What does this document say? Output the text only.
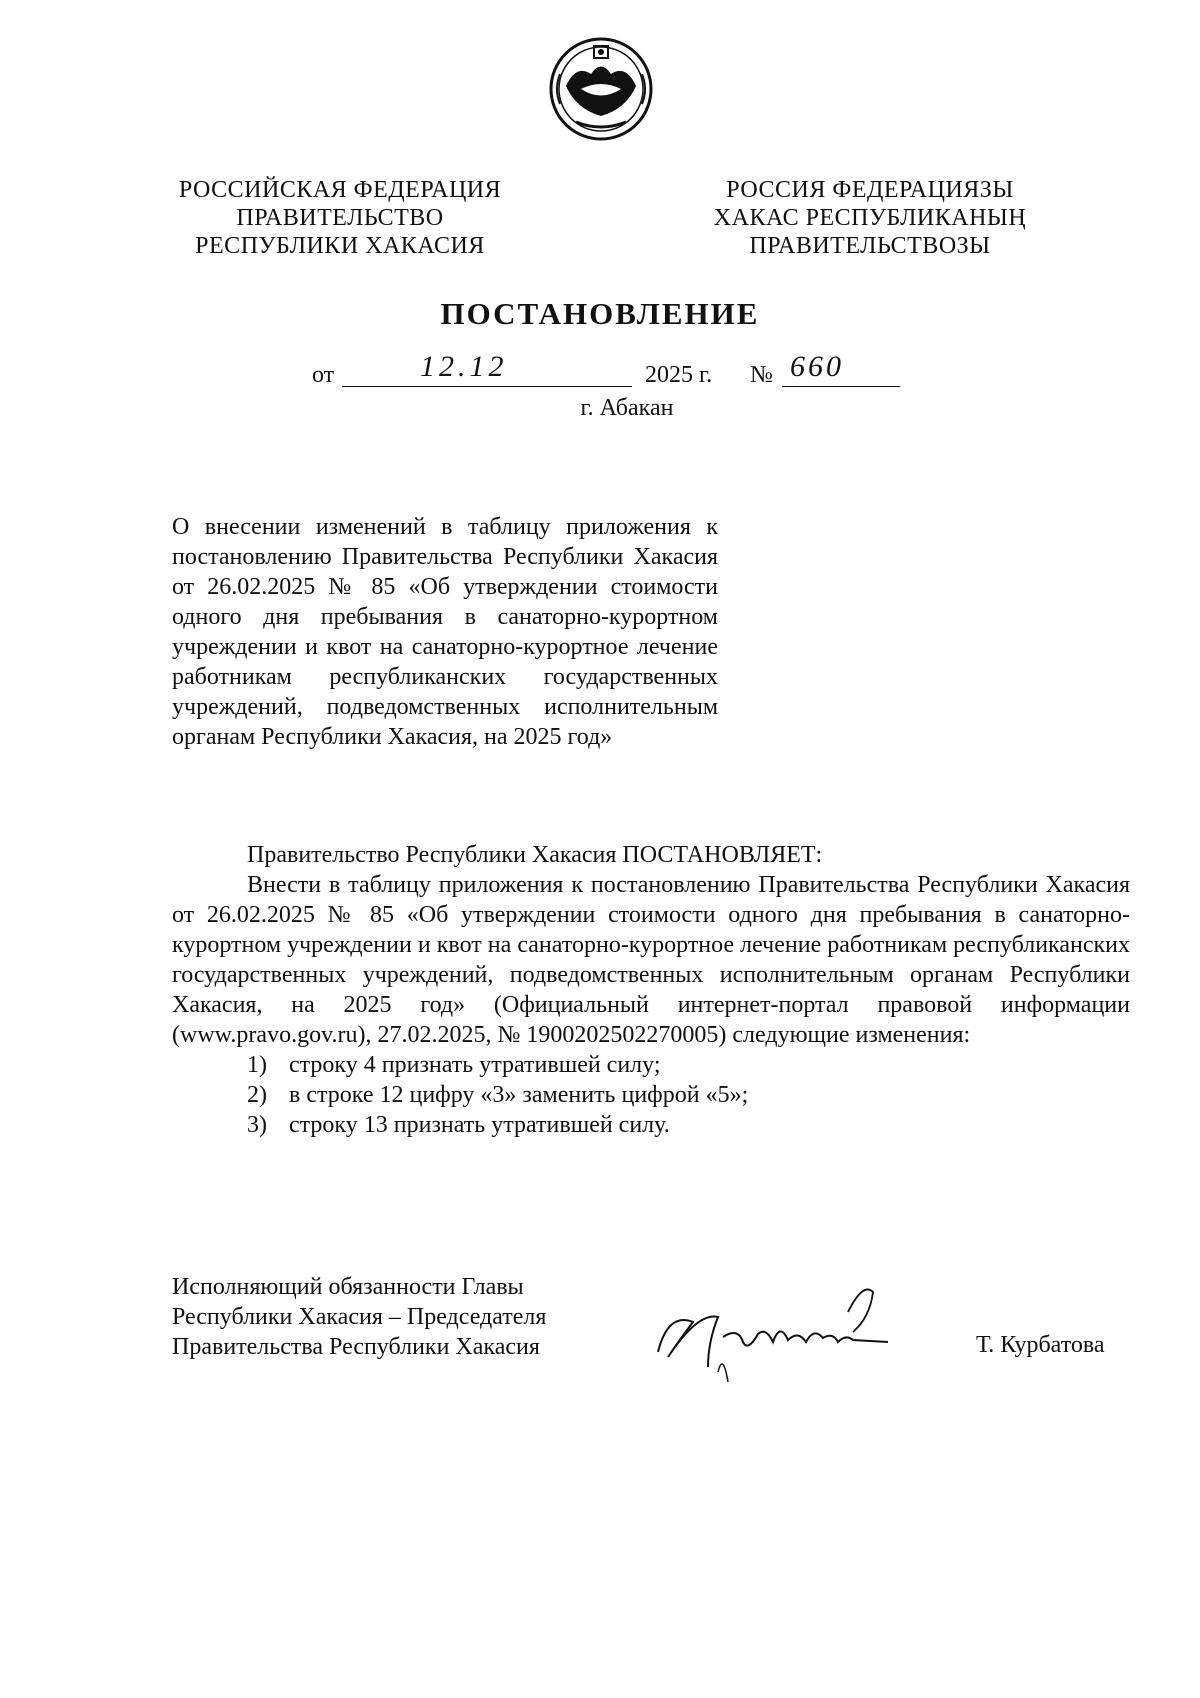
РОССИЙСКАЯ ФЕДЕРАЦИЯ
ПРАВИТЕЛЬСТВО
РЕСПУБЛИКИ ХАКАСИЯ
РОССИЯ ФЕДЕРАЦИЯЗЫ
ХАКАС РЕСПУБЛИКАНЫҢ
ПРАВИТЕЛЬСТВОЗЫ
ПОСТАНОВЛЕНИЕ
от	12.12	2025 г. № 660
г. Абакан

О внесении изменений в таблицу приложения к постановлению Правительства Республики Хакасия от 26.02.2025 № 85 «Об утверждении стоимости одного дня пребывания в санаторно-курортном учреждении и квот на санаторно-курортное лечение работникам республиканских государственных учреждений, подведомственных исполнительным органам Республики Хакасия, на 2025 год»

Правительство Республики Хакасия ПОСТАНОВЛЯЕТ:

Внести в таблицу приложения к постановлению Правительства Республики Хакасия от 26.02.2025 № 85 «Об утверждении стоимости одного дня пребывания в санаторно-курортном учреждении и квот на санаторно-курортное лечение работникам республиканских государственных учреждений, подведомственных исполнительным органам Республики Хакасия, на 2025 год» (Официальный интернет-портал правовой информации (www.pravo.gov.ru), 27.02.2025, № 1900202502270005) следующие изменения:

1) строку 4 признать утратившей силу;
2) в строке 12 цифру «3» заменить цифрой «5»;
3) строку 13 признать утратившей силу.
Исполняющий обязанности Главы
Республики Хакасия – Председателя
Правительства Республики Хакасия	Т. Курбатова
